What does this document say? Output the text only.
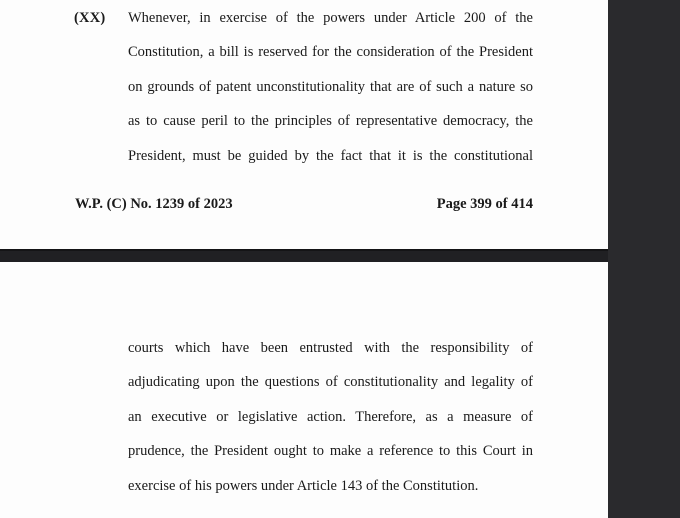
(XX) Whenever, in exercise of the powers under Article 200 of the
Constitution, a bill is reserved for the consideration of the President
on grounds of patent unconstitutionality that are of such a nature so
as to cause peril to the principles of representative democracy, the
President, must be guided by the fact that it is the constitutional
W.P. (C) No. 1239 of 2023	Page 399 of 414
courts which have been entrusted with the responsibility of
adjudicating upon the questions of constitutionality and legality of
an executive or legislative action. Therefore, as a measure of
prudence, the President ought to make a reference to this Court in
exercise of his powers under Article 143 of the Constitution.
